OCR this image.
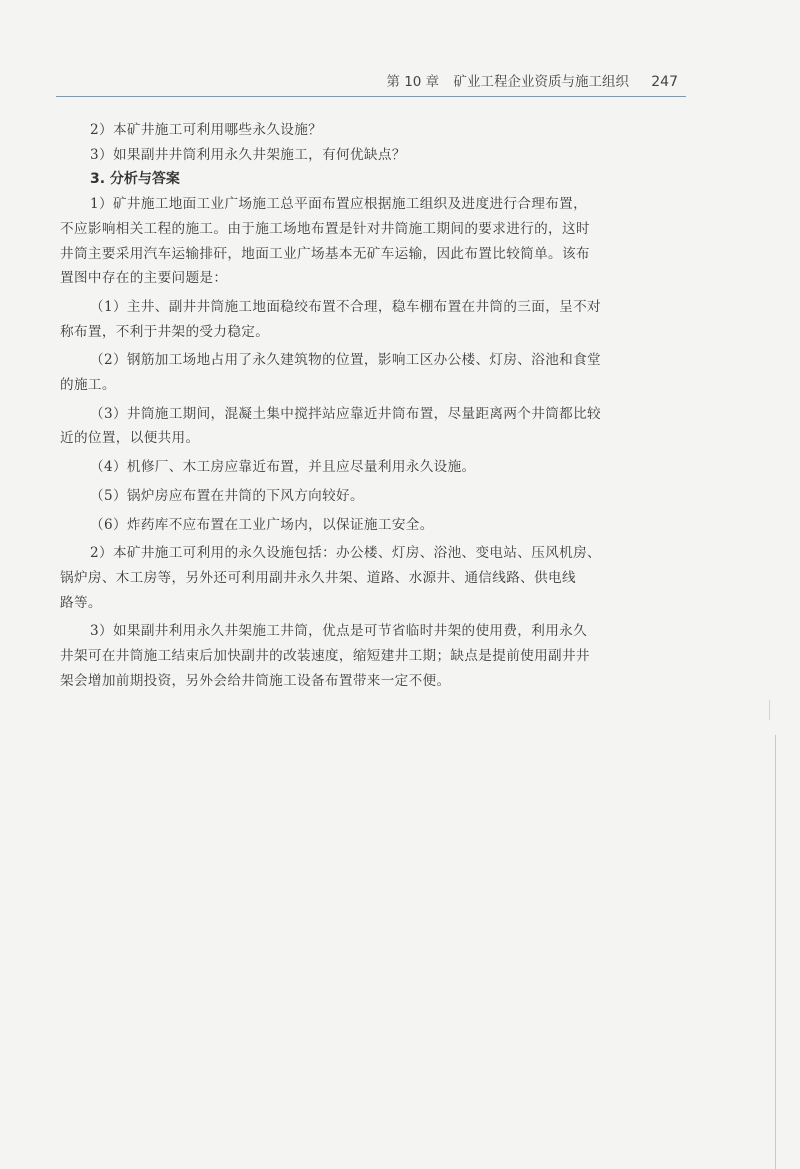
第 10 章 矿业工程企业资质与施工组织 247

2）本矿井施工可利用哪些永久设施？

3）如果副井井筒利用永久井架施工，有何优缺点？

3. 分析与答案

1）矿井施工地面工业广场施工总平面布置应根据施工组织及进度进行合理布置，

不应影响相关工程的施工。由于施工场地布置是针对井筒施工期间的要求进行的，这时

井筒主要采用汽车运输排矸，地面工业广场基本无矿车运输，因此布置比较简单。该布

置图中存在的主要问题是：

（1）主井、副井井筒施工地面稳绞布置不合理，稳车棚布置在井筒的三面，呈不对

称布置，不利于井架的受力稳定。

（2）钢筋加工场地占用了永久建筑物的位置，影响工区办公楼、灯房、浴池和食堂

的施工。

（3）井筒施工期间，混凝土集中搅拌站应靠近井筒布置，尽量距离两个井筒都比较

近的位置，以便共用。

（4）机修厂、木工房应靠近布置，并且应尽量利用永久设施。

（5）锅炉房应布置在井筒的下风方向较好。

（6）炸药库不应布置在工业广场内，以保证施工安全。

2）本矿井施工可利用的永久设施包括：办公楼、灯房、浴池、变电站、压风机房、

锅炉房、木工房等，另外还可利用副井永久井架、道路、水源井、通信线路、供电线

路等。

3）如果副井利用永久井架施工井筒，优点是可节省临时井架的使用费，利用永久

井架可在井筒施工结束后加快副井的改装速度，缩短建井工期；缺点是提前使用副井井

架会增加前期投资，另外会给井筒施工设备布置带来一定不便。
